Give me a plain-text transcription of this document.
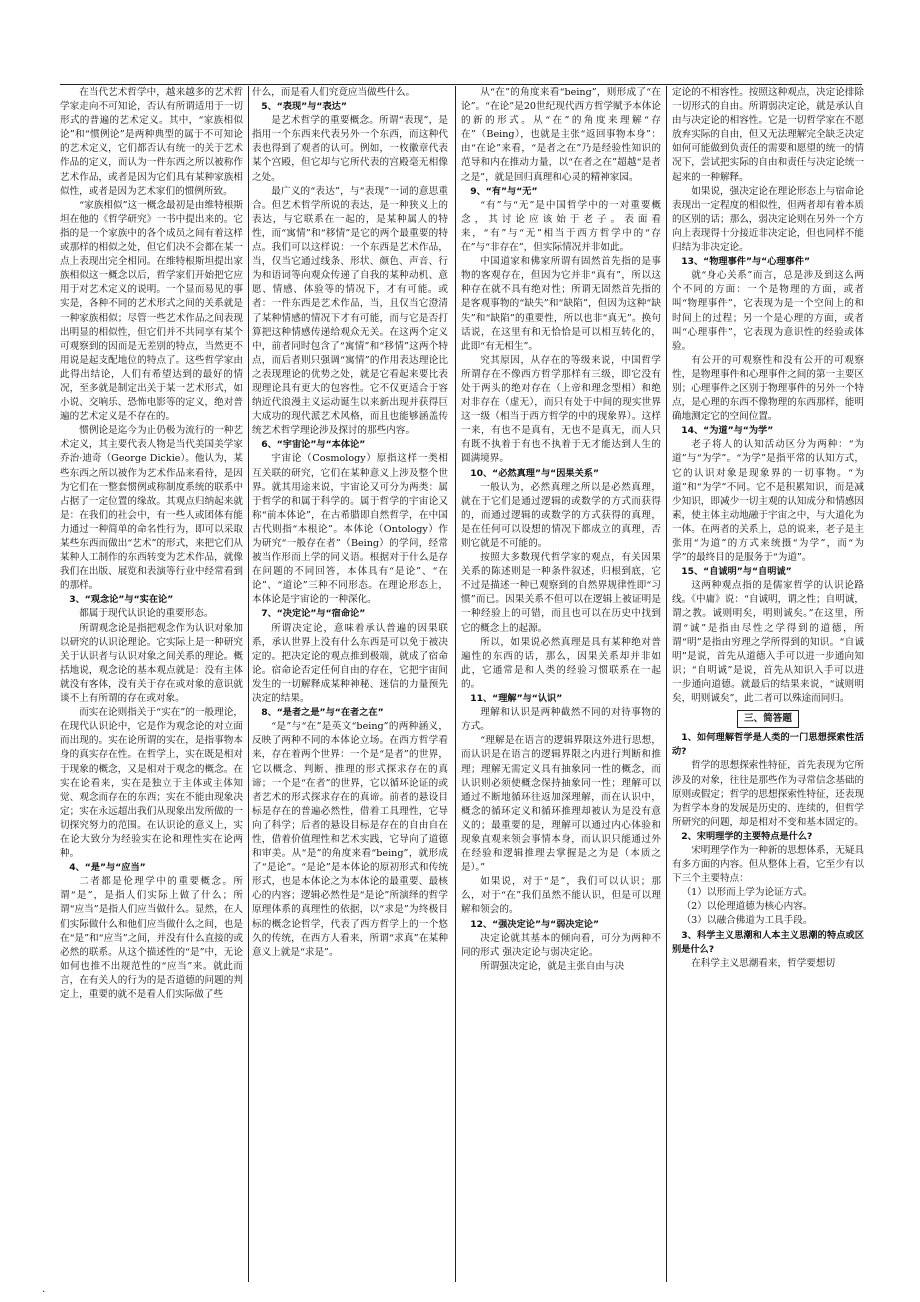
在当代艺术哲学中，越来越多的艺术哲学家走向不可知论，否认有所谓适用于一切形式的普遍的艺术定义。其中，“家族相似论”和“惯例论”是两种典型的属于不可知论的艺术定义，它们都否认有统一的关于艺术作品的定义，而认为一件东西之所以被称作艺术作品，或者是因为它们具有某种家族相似性，或者是因为艺术家们的惯例所致。

“家族相似”这一概念最初是由维特根斯坦在他的《哲学研究》一书中提出来的。它指的是一个家族中的各个成员之间有着这样或那样的相似之处，但它们决不会都在某一点上表现出完全相同。在维特根斯坦提出家族相似这一概念以后，哲学家们开始把它应用于对艺术定义的说明。一个显而易见的事实是，各种不同的艺术形式之间的关系就是一种家族相似；尽管一些艺术作品之间表现出明显的相似性，但它们并不共同享有某个可观察到的因而是无差别的特点，当然更不用说是起支配地位的特点了。这些哲学家由此得出结论，人们有希望达到的最好的情况，至多就是制定出关于某一艺术形式，如小说、交响乐、恐怖电影等的定义，绝对普遍的艺术定义是不存在的。

惯例论是迄今为止仍极为流行的一种艺术定义，其主要代表人物是当代美国美学家乔治·迪奇（George Dickie）。他认为，某些东西之所以被作为艺术作品来看待，是因为它们在一整套惯例或称制度系统的联系中占据了一定位置的缘故。其观点归纳起来就是：在我们的社会中，有一些人或团体有能力通过一种简单的命名性行为，即可以采取某些东西而做出“艺术”的形式，来把它们从某种人工制作的东西转变为艺术作品，就像我们在出版、展览和表演等行业中经常看到的那样。

3、“观念论”与“实在论”

都属于现代认识论的重要形态。

所谓观念论是指把观念作为认识对象加以研究的认识论理论。它实际上是一种研究关于认识者与认识对象之间关系的理论。概括地说，观念论的基本观点就是：没有主体就没有客体，没有关于存在或对象的意识就谈不上有所谓的存在或对象。

而实在论则指关于“实在”的一般理论，在现代认识论中，它是作为观念论的对立面而出现的。实在论所谓的实在，是指事物本身的真实存在性。在哲学上，实在既是相对于现象的概念，又是相对于观念的概念。在实在论看来，实在是独立于主体或主体知觉、观念而存在的东西；实在不能由现象决定；实在永远超出我们从现象出发所做的一切探究努力的范围。在认识论的意义上，实在论大致分为经验实在论和理性实在论两种。

4、“是”与“应当”

二者都是伦理学中的重要概念。所谓“是”，是指人们实际上做了什么；所谓“应当”是指人们应当做什么。显然，在人们实际做什么和他们应当做什么之间，也是在“是”和“应当”之间，并没有什么直接的或必然的联系。从这个描述性的“是”中，无论如何也推不出规范性的“应当”来。就此而言，在有关人的行为的是否道德的问题的判定上，重要的就不是看人们实际做了些

什么，而是看人们究竟应当做些什么。

5、“表现”与“表达”

是艺术哲学的重要概念。所谓“表现”，是指用一个东西来代表另外一个东西，而这种代表也得到了观者的认可。例如，一枚徽章代表某个宫殿，但它却与它所代表的宫殿毫无相像之处。

最广义的“表达”，与“表现”一词的意思重合。但艺术哲学所说的表达，是一种狭义上的表达，与它联系在一起的，是某种属人的特性，而“寓情”和“移情”是它的两个最重要的特点。我们可以这样说：一个东西是艺术作品，当，仅当它通过线条、形状、颜色、声音、行为和语词等向观众传递了自我的某种动机、意愿、情感、体验等的情况下，才有可能。或者：一件东西是艺术作品，当，且仅当它澄清了某种情感的情况下才有可能，而与它是否打算把这种情感传递给观众无关。在这两个定义中，前者同时包含了“寓情”和“移情”这两个特点，而后者则只强调“寓情”的作用表达理论比之表现理论的优势之处，就是它看起来要比表现理论具有更大的包容性。它不仅更适合于容纳近代浪漫主义运动诞生以来新出现并获得巨大成功的现代派艺术风格，而且也能够涵盖传统艺术哲学理论涉及探讨的那些内容。

6、“宇宙论”与“本体论”

宇宙论（Cosmology）原指这样一类相互关联的研究，它们在某种意义上涉及整个世界。就其用途来说，宇宙论又可分为两类：属于哲学的和属于科学的。属于哲学的宇宙论又称“前本体论”，在古希腊即自然哲学，在中国古代则指“本根论”。本体论（Ontology）作为研究“一般存在者”（Being）的学问，经常被当作形而上学的同义语。根据对于什么是存在问题的不同回答，本体具有“是论”、“在论”、“道论”三种不同形态。在理论形态上，本体论是宇宙论的一种深化。

7、“决定论”与“宿命论”

所谓决定论，意味着承认普遍的因果联系，承认世界上没有什么东西是可以免于被决定的。把决定论的观点推到极端，就成了宿命论。宿命论否定任何自由的存在，它把宇宙间发生的一切解释成某种神秘、迷信的力量预先决定的结果。

8、“是者之是”与“在者之在”

“是”与“在”是英文“being”的两种涵义，反映了两种不同的本体论立场。在西方哲学看来，存在着两个世界：一个是“是者”的世界，它以概念、判断、推理的形式探求存在的真谛；一个是“在者”的世界，它以循环论证的或者艺术的形式探求存在的真谛。前者的悬设目标是存在的普遍必然性，借着工具理性，它导向了科学；后者的悬设目标是存在的自由自在性，借着价值理性和艺术实践，它导向了道德和审美。从“是”的角度来看“being”，就形成了“是论”。“是论”是本体论的原初形式和传统形式，也是本体论之为本体论的最重要、最核心的内容；逻辑必然性是“是论”所演绎的哲学原理体系的真理性的依据，以“求是”为终极目标的概念论哲学，代表了西方哲学上的一个悠久的传统，在西方人看来，所谓“求真”在某种意义上就是“求是”。

从“在”的角度来看“being”，则形成了“在论”。“在论”是20世纪现代西方哲学赋予本体论的新的形式。从“在”的角度来理解“存在”（Being），也就是主张“返回事物本身”：由“在论”来看，“是者之在”乃是经验性知识的范导和内在推动力量，以“在者之在”超越“是者之是”，就是回归真理和心灵的精神家园。

9、“有”与“无”

“有”与“无”是中国哲学中的一对重要概念，其讨论应该始于老子。表面看来，“有”与“无”相当于西方哲学中的“存在”与“非存在”，但实际情况并非如此。

中国道家和佛家所谓有固然首先指的是事物的客观存在，但因为它并非“真有”，所以这种存在就不具有绝对性；所谓无固然首先指的是客观事物的“缺失”和“缺陷”，但因为这种“缺失”和“缺陷”的重要性，所以也非“真无”。换句话说，在这里有和无恰恰是可以相互转化的，此即“有无相生”。

究其原因，从存在的等级来说，中国哲学所谓存在不像西方哲学那样有三级，即它没有处于两头的绝对存在（上帝和理念型相）和绝对非存在（虚无），而只有处于中间的现实世界这一级（相当于西方哲学的中的现象界）。这样一来，有也不是真有，无也不是真无，而人只有既不执着于有也不执着于无才能达到人生的圆满境界。

10、“必然真理”与“因果关系”

一般认为，必然真理之所以是必然真理，就在于它们是通过逻辑的或数学的方式而获得的，而通过逻辑的或数学的方式获得的真理，是在任何可以设想的情况下都成立的真理，否则它就是不可能的。

按照大多数现代哲学家的观点，有关因果关系的陈述则是一种条件叙述，归根到底，它不过是描述一种已观察到的自然界规律性即“习惯”而已。因果关系不但可以在逻辑上被证明是一种经验上的可错，而且也可以在历史中找到它的概念上的起源。

所以，如果说必然真理是具有某种绝对普遍性的东西的话，那么，因果关系却并非如此，它通常是和人类的经验习惯联系在一起的。

11、“理解”与“认识”

理解和认识是两种截然不同的对待事物的方式。

“理解是在语言的逻辑界限这外进行思想，而认识是在语言的逻辑界限之内进行判断和推理；理解无需定义具有抽象同一性的概念，而认识则必须使概念保持抽象同一性；理解可以通过不断地循环往返加深理解，而在认识中，概念的循环定义和循环推理却被认为是没有意义的；最重要的是，理解可以通过内心体验和现象直观来领会事情本身，而认识只能通过外在经验和逻辑推理去掌握是之为是（本质之是）。”

如果说，对于“是”，我们可以认识；那么，对于“在”我们虽然不能认识，但是可以理解和领会的。

12、“强决定论”与“弱决定论”

决定论就其基本的倾向看，可分为两种不同的形式 强决定论与弱决定论。

所谓强决定论，就是主张自由与决

定论的不相容性。按照这种观点，决定论排除一切形式的自由。所谓弱决定论，就是承认自由与决定论的相容性。它是一切哲学家在不愿放弃实际的自由，但又无法理解完全缺乏决定如何可能做到负责任的需要和愿望的统一的情况下，尝试把实际的自由和责任与决定论统一起来的一种解释。

如果说，强决定论在理论形态上与宿命论表现出一定程度的相似性，但两者却有着本质的区别的话；那么，弱决定论则在另外一个方向上表现得十分接近非决定论，但也同样不能归结为非决定论。

13、“物理事件”与“心理事件”

就“身心关系”而言，总是涉及到这么两个不同的方面：一个是物理的方面，或者叫“物理事件”，它表现为是一个空间上的和时间上的过程；另一个是心理的方面，或者叫“心理事件”，它表现为意识性的经验或体验。

有公开的可观察性和没有公开的可观察性，是物理事件和心理事件之间的第一主要区别；心理事件之区别于物理事件的另外一个特点，是心理的东西不像物理的东西那样，能明确地测定它的空间位置。

14、“为道”与“为学”

老子将人的认知活动区分为两种：“为道”与“为学”。“为学”是指平常的认知方式，它的认识对象是现象界的一切事物。“为道”和“为学”不同。它不是积累知识，而是减少知识，即减少一切主观的认知成分和情感因素，使主体主动地融于宇宙之中，与大道化为一体。在两者的关系上，总的说来，老子是主张用“为道”的方式来统摄“为学”，而“为学”的最终目的是服务于“为道”。

15、“自诚明”与“自明诚”

这两种观点指的是儒家哲学的认识论路线。《中庸》说：“自诚明，谓之性；自明诚，谓之教。诚则明矣，明则诚矣。”在这里，所谓“诚”是指由尽性之学得到的道德，所谓“明”是指由穷理之学所得到的知识。“自诚明”是说，首先从道德入手可以进一步通向知识；“自明诚”是说，首先从知识入手可以进一步通向道德。就最后的结果来说，“诚则明矣，明则诚矣”，此二者可以殊途而同归。

三、简答题

1、如何理解哲学是人类的一门思想探索性活动?

哲学的思想探索性特征，首先表现为它所涉及的对象，往往是那些作为寻常信念基础的原则或假定；哲学的思想探索性特征，还表现为哲学本身的发展是历史的、连续的，但哲学所研究的问题，却是相对不变和基本固定的。

2、宋明理学的主要特点是什么?

宋明理学作为一种新的思想体系，无疑具有多方面的内容。但从整体上看，它至少有以下三个主要特点：

（1）以形而上学为论证方式。

（2）以伦理道德为核心内容。

（3）以融合佛道为工具手段。

3、科学主义思潮和人本主义思潮的特点或区别是什么?

在科学主义思潮看来，哲学要想切

.
